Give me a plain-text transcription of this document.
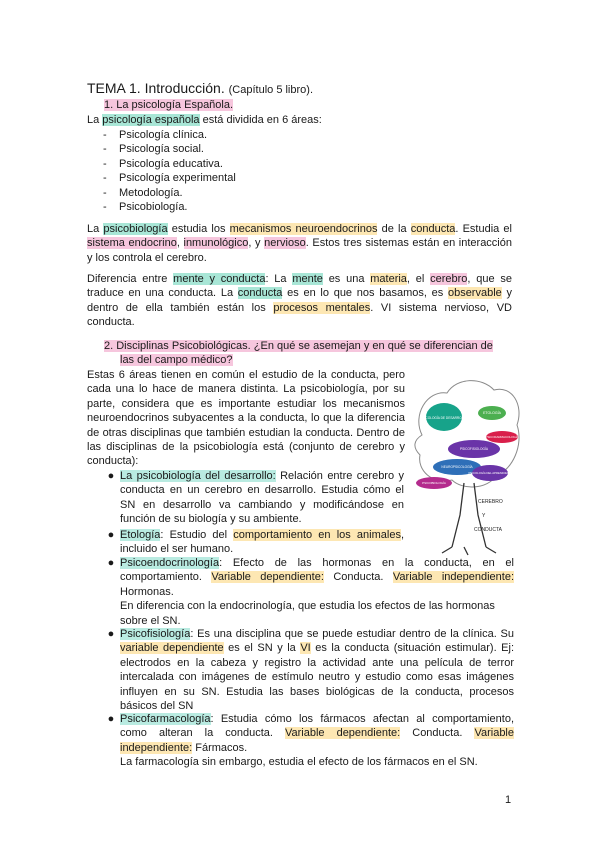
TEMA 1. Introducción. (Capítulo 5 libro).
1. La psicología Española.
La psicología española está dividida en 6 áreas:
- Psicología clínica.
- Psicología social.
- Psicología educativa.
- Psicología experimental
- Metodología.
- Psicobiología.
La psicobiología estudia los mecanismos neuroendocrinos de la conducta. Estudia el sistema endocrino, inmunológico, y nervioso. Estos tres sistemas están en interacción y los controla el cerebro.
Diferencia entre mente y conducta: La mente es una materia, el cerebro, que se traduce en una conducta. La conducta es en lo que nos basamos, es observable y dentro de ella también están los procesos mentales. VI sistema nervioso, VD conducta.
2. Disciplinas Psicobiológicas. ¿En qué se asemejan y en qué se diferencian de
las del campo médico?
Estas 6 áreas tienen en común el estudio de la conducta, pero cada una lo hace de manera distinta. La psicobiología, por su parte, considera que es importante estudiar los mecanismos neuroendocrinos subyacentes a la conducta, lo que la diferencia de otras disciplinas que también estudian la conducta. Dentro de las disciplinas de la psicobiología está (conjunto de cerebro y conducta):
● La psicobiología del desarrollo: Relación entre cerebro y conducta en un cerebro en desarrollo. Estudia cómo el SN en desarrollo va cambiando y modificándose en función de su biología y su ambiente.
● Etología: Estudio del comportamiento en los animales, incluido el ser humano.
● Psicoendocrinología: Efecto de las hormonas en la conducta, en el comportamiento. Variable dependiente: Conducta. Variable independiente: Hormonas.
En diferencia con la endocrinología, que estudia los efectos de las hormonas sobre el SN.
● Psicofisiología: Es una disciplina que se puede estudiar dentro de la clínica. Su variable dependiente es el SN y la VI es la conducta (situación estimular). Ej: electrodos en la cabeza y registro la actividad ante una película de terror intercalada con imágenes de estímulo neutro y estudio como esas imágenes influyen en su SN. Estudia las bases biológicas de la conducta, procesos básicos del SN
● Psicofarmacología: Estudia cómo los fármacos afectan al comportamiento, como alteran la conducta. Variable dependiente: Conducta. Variable independiente: Fármacos.
La farmacología sin embargo, estudia el efecto de los fármacos en el SN.
PSICOLOGÍA DE DESARROLLO
ETOLOGÍA
PSICOFARMACOLOGÍA
PSICOFISIOLOGÍA
NEUROPSICOLOGÍA
PSICOBIOLOGÍA
PSICOLOGÍA DEL APRENDIZAJE
CEREBRO
Y
CONDUCTA
1
